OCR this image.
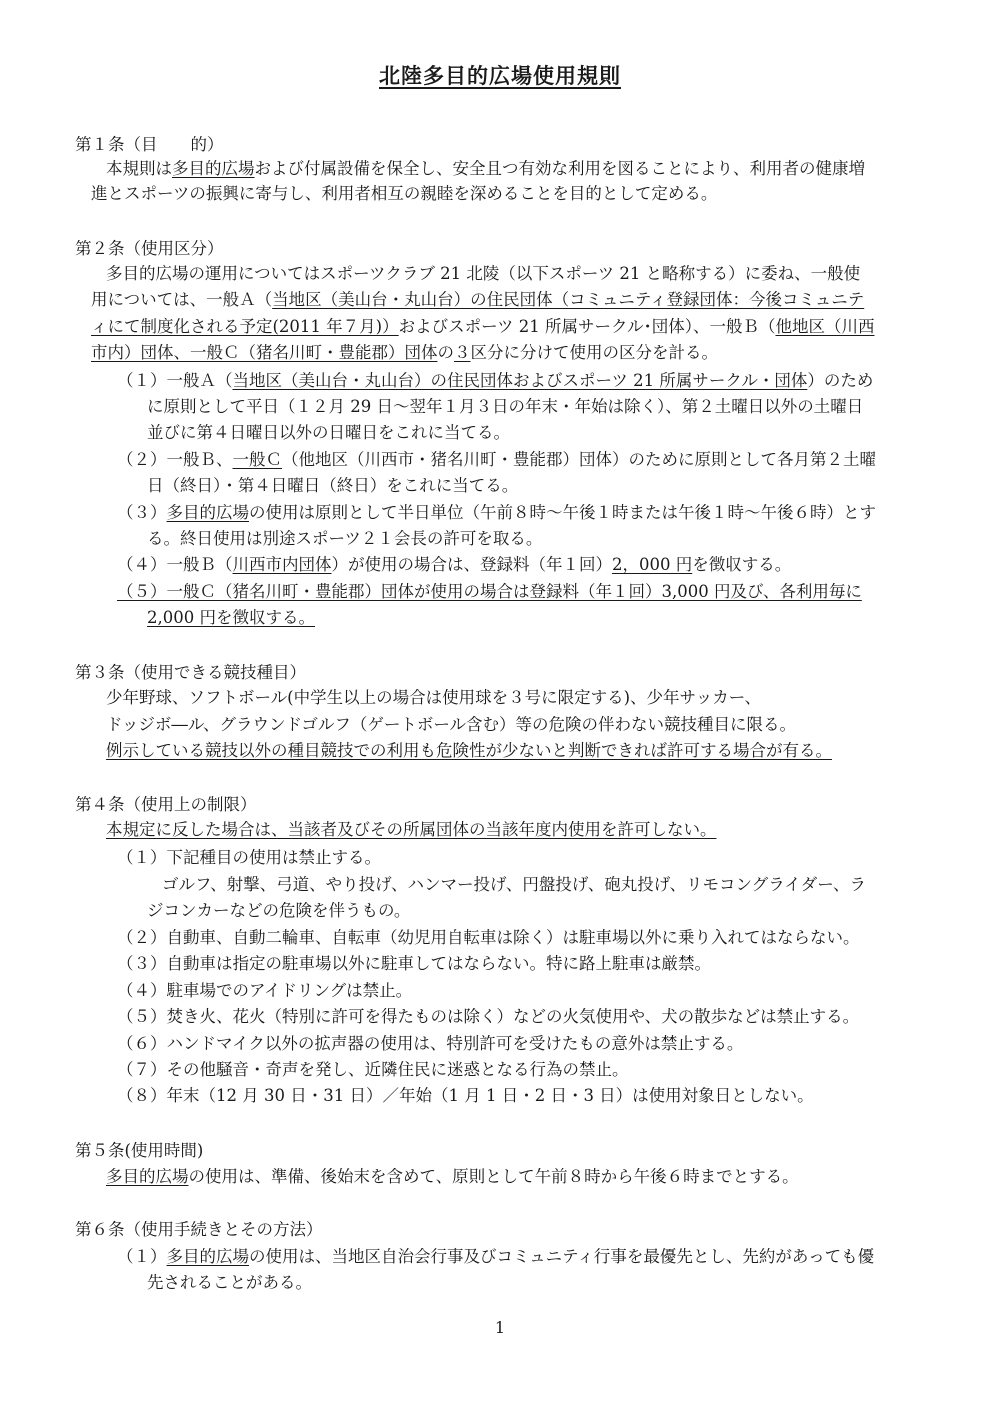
北陸多目的広場使用規則
第１条（目　　的）
本規則は多目的広場および付属設備を保全し、安全且つ有効な利用を図ることにより、利用者の健康増
進とスポーツの振興に寄与し、利用者相互の親睦を深めることを目的として定める。
第２条（使用区分）
多目的広場の運用についてはスポーツクラブ 21 北陵（以下スポーツ 21 と略称する）に委ね、一般使
用については、一般Ａ（当地区（美山台・丸山台）の住民団体（コミュニティ登録団体：今後コミュニテ
ィにて制度化される予定(2011 年７月)）およびスポーツ 21 所属サークル･団体）、一般Ｂ（他地区（川西
市内）団体、一般Ｃ（猪名川町・豊能郡）団体の３区分に分けて使用の区分を計る。
（１）一般Ａ（当地区（美山台・丸山台）の住民団体およびスポーツ 21 所属サークル・団体）のため
に原則として平日（１２月 29 日～翌年１月３日の年末・年始は除く）、第２土曜日以外の土曜日
並びに第４日曜日以外の日曜日をこれに当てる。
（２）一般Ｂ、一般Ｃ（他地区（川西市・猪名川町・豊能郡）団体）のために原則として各月第２土曜
日（終日）・第４日曜日（終日）をこれに当てる。
（３）多目的広場の使用は原則として半日単位（午前８時～午後１時または午後１時～午後６時）とす
る。終日使用は別途スポーツ２１会長の許可を取る。
（４）一般Ｂ（川西市内団体）が使用の場合は、登録料（年１回）2，000 円を徴収する。
（５）一般Ｃ（猪名川町・豊能郡）団体が使用の場合は登録料（年１回）3,000 円及び、各利用毎に
2,000 円を徴収する。
第３条（使用できる競技種目）
少年野球、ソフトボール(中学生以上の場合は使用球を３号に限定する)、少年サッカー、
ドッジボ―ル、グラウンドゴルフ（ゲートボール含む）等の危険の伴わない競技種目に限る。
例示している競技以外の種目競技での利用も危険性が少ないと判断できれば許可する場合が有る。
第４条（使用上の制限）
本規定に反した場合は、当該者及びその所属団体の当該年度内使用を許可しない。
（１）下記種目の使用は禁止する。
ゴルフ、射撃、弓道、やり投げ、ハンマー投げ、円盤投げ、砲丸投げ、リモコングライダー、ラ
ジコンカーなどの危険を伴うもの。
（２）自動車、自動二輪車、自転車（幼児用自転車は除く）は駐車場以外に乗り入れてはならない。
（３）自動車は指定の駐車場以外に駐車してはならない。特に路上駐車は厳禁。
（４）駐車場でのアイドリングは禁止。
（５）焚き火、花火（特別に許可を得たものは除く）などの火気使用や、犬の散歩などは禁止する。
（６）ハンドマイク以外の拡声器の使用は、特別許可を受けたもの意外は禁止する。
（７）その他騒音・奇声を発し、近隣住民に迷惑となる行為の禁止。
（８）年末（12 月 30 日・31 日）／年始（1 月 1 日・2 日・3 日）は使用対象日としない。
第５条(使用時間)
多目的広場の使用は、準備、後始末を含めて、原則として午前８時から午後６時までとする。
第６条（使用手続きとその方法）
（１）多目的広場の使用は、当地区自治会行事及びコミュニティ行事を最優先とし、先約があっても優
先されることがある。
1
